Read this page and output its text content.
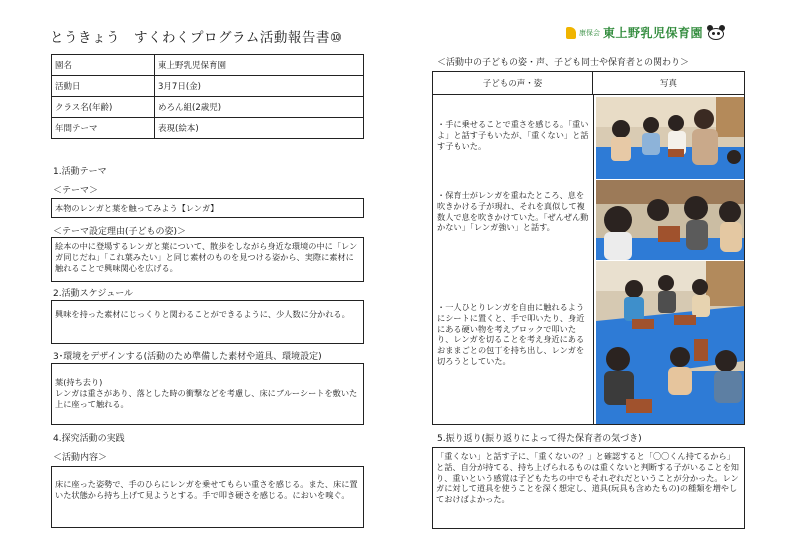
とうきょう　すくわくプログラム活動報告書⑩	康保会 東上野乳児保育園
園名	東上野乳児保育園
活動日	3月7日(金)
クラス名(年齢)	めろん組(2歳児)
年間テーマ	表現(絵本)
1.活動テーマ
＜テーマ＞
本物のレンガと葉を触ってみよう【レンガ】
＜テーマ設定理由(子どもの姿)＞
絵本の中に登場するレンガと葉について、散歩をしながら身近な環境の中に「レンガ同じだね」「これ葉みたい」と同じ素材のものを見つける姿から、実際に素材に触れることで興味関心を広げる。
2.活動スケジュール
興味を持った素材にじっくりと関わることができるように、少人数に分かれる。
3･環境をデザインする(活動のため準備した素材や道具、環境設定)
葉(持ち去り)
レンガは重さがあり、落とした時の衝撃などを考慮し、床にブルーシートを敷いた上に座って触れる。
4.探究活動の実践
＜活動内容＞
床に座った姿勢で、手のひらにレンガを乗せてもらい重さを感じる。また、床に置いた状態から持ち上げて見ようとする。手で叩き硬さを感じる。においを嗅ぐ。
＜活動中の子どもの姿・声、子ども同士や保育者との関わり＞
子どもの声・姿	写真
・手に乗せることで重さを感じる。「重いよ」と話す子もいたが、「重くない」と話す子もいた。
・保育士がレンガを重ねたところ、息を吹きかける子が現れ、それを真似して複数人で息を吹きかけていた。「ぜんぜん動かない」「レンガ強い」と話す。
・一人ひとりレンガを自由に触れるようにシートに置くと、手で叩いたり、身近にある硬い物を考えブロックで叩いたり、レンガを切ることを考え身近にあるおままごとの包丁を持ち出し、レンガを切ろうとしていた。
5.振り返り(振り返りによって得た保育者の気づき)
「重くない」と話す子に、「重くないの？」と確認すると「〇〇くん持てるから」と話、自分が持てる、持ち上げられるものは重くないと判断する子がいることを知り、重いという感覚は子どもたちの中でもそれぞれだということが分かった。レンガに対して道具を使うことを深く想定し、道具(玩具も含めたもの)の種類を増やしておけばよかった。
